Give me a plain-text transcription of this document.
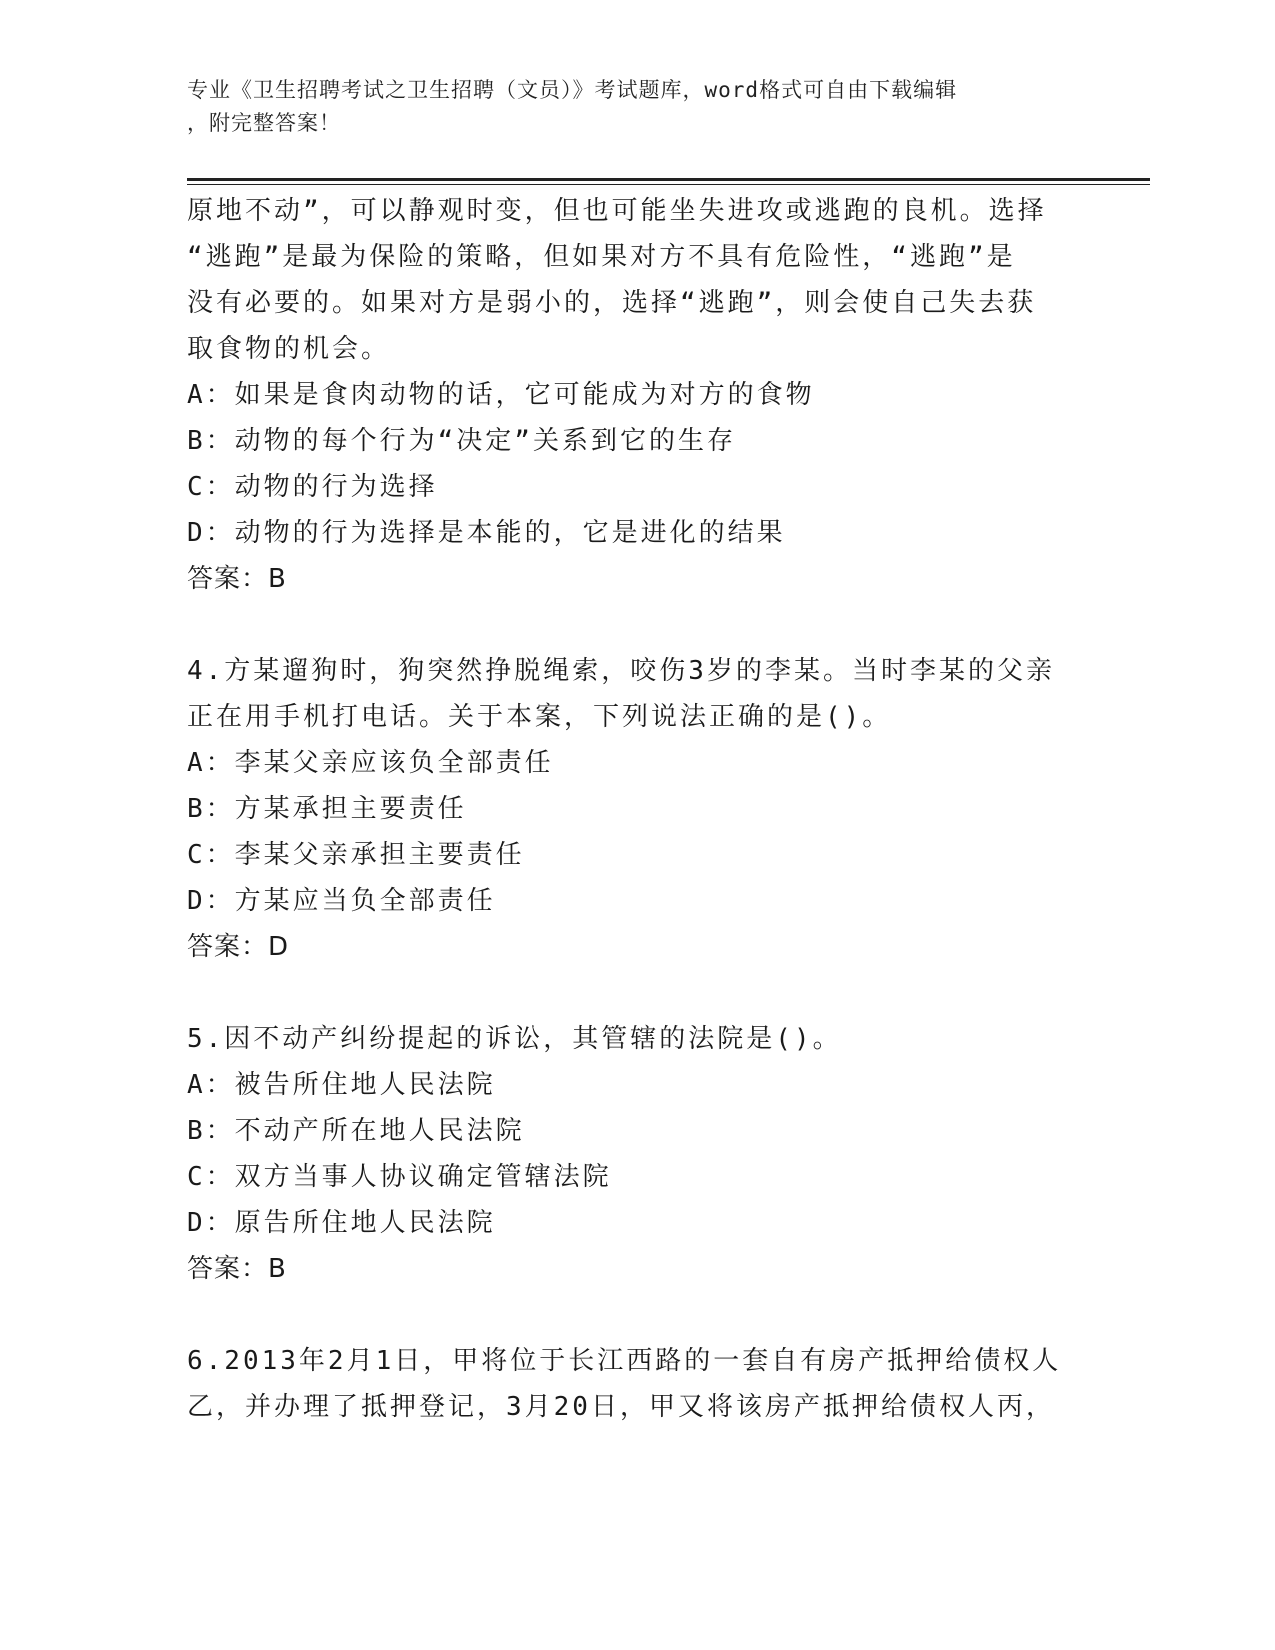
专业《卫生招聘考试之卫生招聘（文员）》考试题库，word格式可自由下载编辑
，附完整答案！
原地不动”，可以静观时变，但也可能坐失进攻或逃跑的良机。选择
“逃跑”是最为保险的策略，但如果对方不具有危险性，“逃跑”是
没有必要的。如果对方是弱小的，选择“逃跑”，则会使自己失去获
取食物的机会。
A：如果是食肉动物的话，它可能成为对方的食物
B：动物的每个行为“决定”关系到它的生存
C：动物的行为选择
D：动物的行为选择是本能的，它是进化的结果
答案：B
4.方某遛狗时，狗突然挣脱绳索，咬伤3岁的李某。当时李某的父亲
正在用手机打电话。关于本案，下列说法正确的是()。
A：李某父亲应该负全部责任
B：方某承担主要责任
C：李某父亲承担主要责任
D：方某应当负全部责任
答案：D
5.因不动产纠纷提起的诉讼，其管辖的法院是()。
A：被告所住地人民法院
B：不动产所在地人民法院
C：双方当事人协议确定管辖法院
D：原告所住地人民法院
答案：B
6.2013年2月1日，甲将位于长江西路的一套自有房产抵押给债权人
乙，并办理了抵押登记，3月20日，甲又将该房产抵押给债权人丙，
